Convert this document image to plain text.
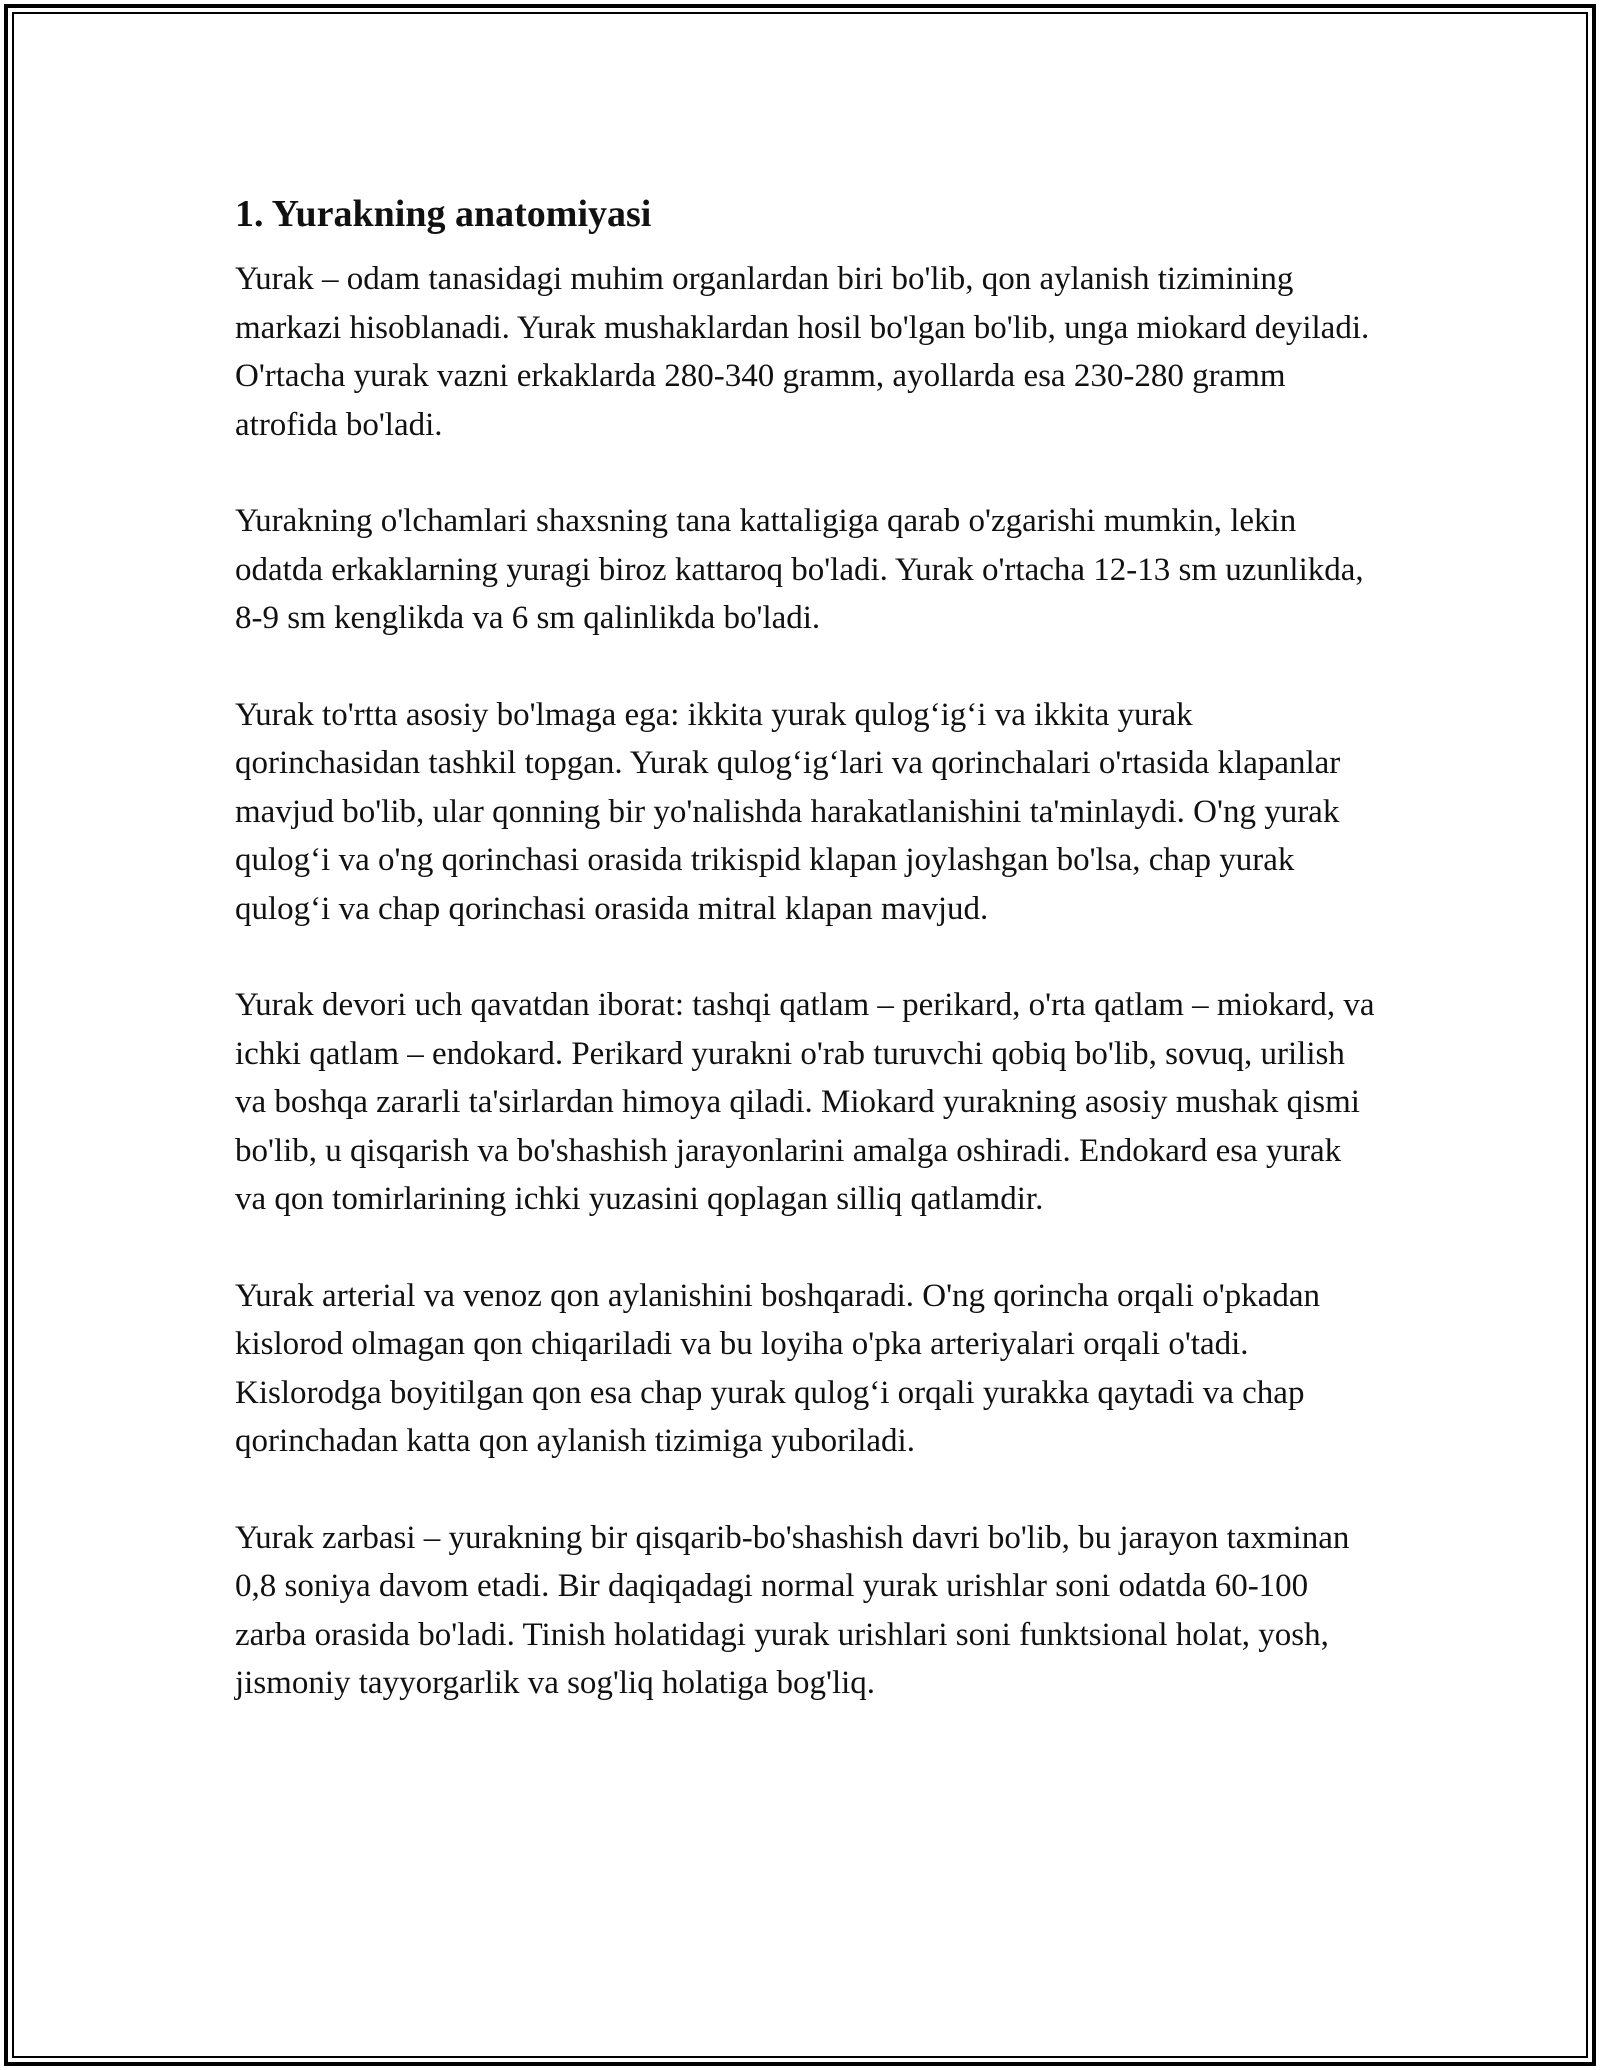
1. Yurakning anatomiyasi

Yurak – odam tanasidagi muhim organlardan biri bo'lib, qon aylanish tizimining markazi hisoblanadi. Yurak mushaklardan hosil bo'lgan bo'lib, unga miokard deyiladi. O'rtacha yurak vazni erkaklarda 280-340 gramm, ayollarda esa 230-280 gramm atrofida bo'ladi.

Yurakning o'lchamlari shaxsning tana kattaligiga qarab o'zgarishi mumkin, lekin odatda erkaklarning yuragi biroz kattaroq bo'ladi. Yurak o'rtacha 12-13 sm uzunlikda, 8-9 sm kenglikda va 6 sm qalinlikda bo'ladi.

Yurak to'rtta asosiy bo'lmaga ega: ikkita yurak qulog‘ig‘i va ikkita yurak qorinchasidan tashkil topgan. Yurak qulog‘ig‘lari va qorinchalari o'rtasida klapanlar mavjud bo'lib, ular qonning bir yo'nalishda harakatlanishini ta'minlaydi. O'ng yurak qulog‘i va o'ng qorinchasi orasida trikispid klapan joylashgan bo'lsa, chap yurak qulog‘i va chap qorinchasi orasida mitral klapan mavjud.

Yurak devori uch qavatdan iborat: tashqi qatlam – perikard, o'rta qatlam – miokard, va ichki qatlam – endokard. Perikard yurakni o'rab turuvchi qobiq bo'lib, sovuq, urilish va boshqa zararli ta'sirlardan himoya qiladi. Miokard yurakning asosiy mushak qismi bo'lib, u qisqarish va bo'shashish jarayonlarini amalga oshiradi. Endokard esa yurak va qon tomirlarining ichki yuzasini qoplagan silliq qatlamdir.

Yurak arterial va venoz qon aylanishini boshqaradi. O'ng qorincha orqali o'pkadan kislorod olmagan qon chiqariladi va bu loyiha o'pka arteriyalari orqali o'tadi. Kislorodga boyitilgan qon esa chap yurak qulog‘i orqali yurakka qaytadi va chap qorinchadan katta qon aylanish tizimiga yuboriladi.

Yurak zarbasi – yurakning bir qisqarib-bo'shashish davri bo'lib, bu jarayon taxminan 0,8 soniya davom etadi. Bir daqiqadagi normal yurak urishlar soni odatda 60-100 zarba orasida bo'ladi. Tinish holatidagi yurak urishlari soni funktsional holat, yosh, jismoniy tayyorgarlik va sog'liq holatiga bog'liq.
